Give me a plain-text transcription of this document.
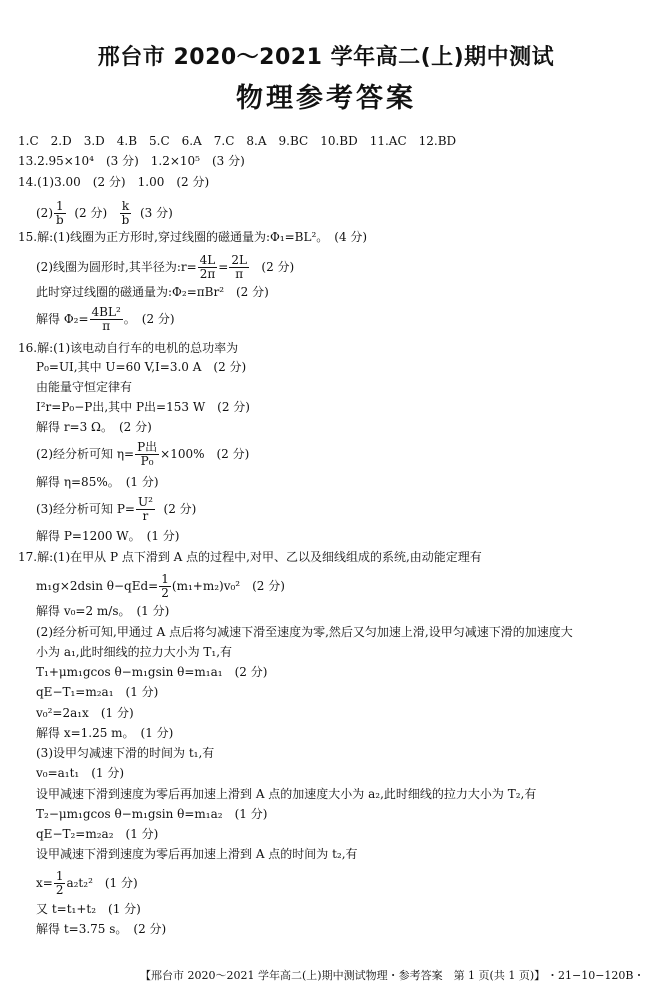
邢台市 2020～2021 学年高二(上)期中测试
物理参考答案
1.C　2.D　3.D　4.B　5.C　6.A　7.C　8.A　9.BC　10.BD　11.AC　12.BD
13.2.95×10⁴　(3 分)　1.2×10⁵　(3 分)
14.(1)3.00　(2 分)　1.00　(2 分)
$(2) \frac{1}{b} (2$ 分) $\frac{k}{b} (3$ 分)
15.解:(1)线圈为正方形时,穿过线圈的磁通量为:Φ₁=BL²。　(4 分)
(2)线圈为圆形时,其半径为:r= $\frac{4L}{2\pi} = \frac{2L}{\pi} (2$ 分)
此时穿过线圈的磁通量为:Φ₂=πBr²　(2 分)
解得 $\Phi_2= \frac{\text{4BL²}}{\pi}$ 。　(2 分)
16.解:(1)该电动自行车的电机的总功率为
P₀=UI,其中 U=60 V,I=3.0 A　(2 分)
由能量守恒定律有
I²r=P₀−P出,其中 P出=153 W　(2 分)
解得 r=3 Ω。　(2 分)
(2)经分析可知 η= P出
P₀ ×100%　(2 分)
解得 η=85%。　(1 分)
(3)经分析可知 $P= \frac{\text{U²}}{r} (2$ 分)
解得 P=1200 W。　(1 分)
17.解:(1)在甲从 P 点下滑到 A 点的过程中,对甲、乙以及细线组成的系统,由动能定理有
m₁g×2dsin $\theta-qEd= \frac{1}{2} (m_1+m_2)v_0^2$　(2 分)
解得 v₀=2 m/s。　(1 分)
(2)经分析可知,甲通过 A 点后将匀减速下滑至速度为零,然后又匀加速上滑,设甲匀减速下滑的加速度大
小为 a₁,此时细线的拉力大小为 T₁,有
T₁+μm₁gcos θ−m₁gsin θ=m₁a₁　(2 分)
qE−T₁=m₂a₁　(1 分)
v₀²=2a₁x　(1 分)
解得 x=1.25 m。　(1 分)
(3)设甲匀减速下滑的时间为 t₁,有
v₀=a₁t₁　(1 分)
设甲减速下滑到速度为零后再加速上滑到 A 点的加速度大小为 a₂,此时细线的拉力大小为 T₂,有
T₂−μm₁gcos θ−m₁gsin θ=m₁a₂　(1 分)
qE−T₂=m₂a₂　(1 分)
设甲减速下滑到速度为零后再加速上滑到 A 点的时间为 t₂,有
$x= \frac{1}{2} a_2t_2^2$　(1 分)
又 t=t₁+t₂　(1 分)
解得 t=3.75 s。　(2 分)
【邢台市 2020～2021 学年高二(上)期中测试物理・参考答案　第 1 页(共 1 页)】 ・21−10−120B・
